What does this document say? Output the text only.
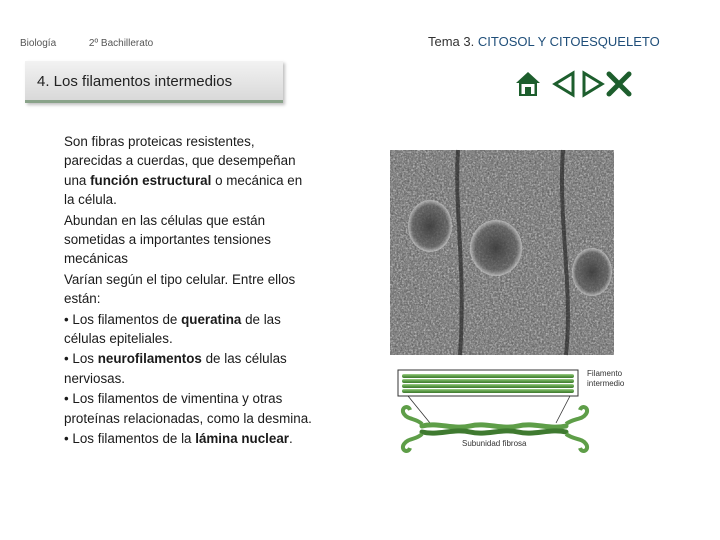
Biología	2º Bachillerato	Tema 3. CITOSOL Y CITOESQUELETO
4. Los filamentos intermedios

Son fibras proteicas resistentes, parecidas a cuerdas, que desempeñan una función estructural o mecánica en la célula.

Abundan en las células que están sometidas a importantes tensiones mecánicas

Varían según el tipo celular. Entre ellos están:

• Los filamentos de queratina de las células epiteliales.

• Los neurofilamentos de las células nerviosas.

• Los filamentos de vimentina y otras proteínas relacionadas, como la desmina.

• Los filamentos de la lámina nuclear.

Filamento
intermedio
Subunidad fibrosa
